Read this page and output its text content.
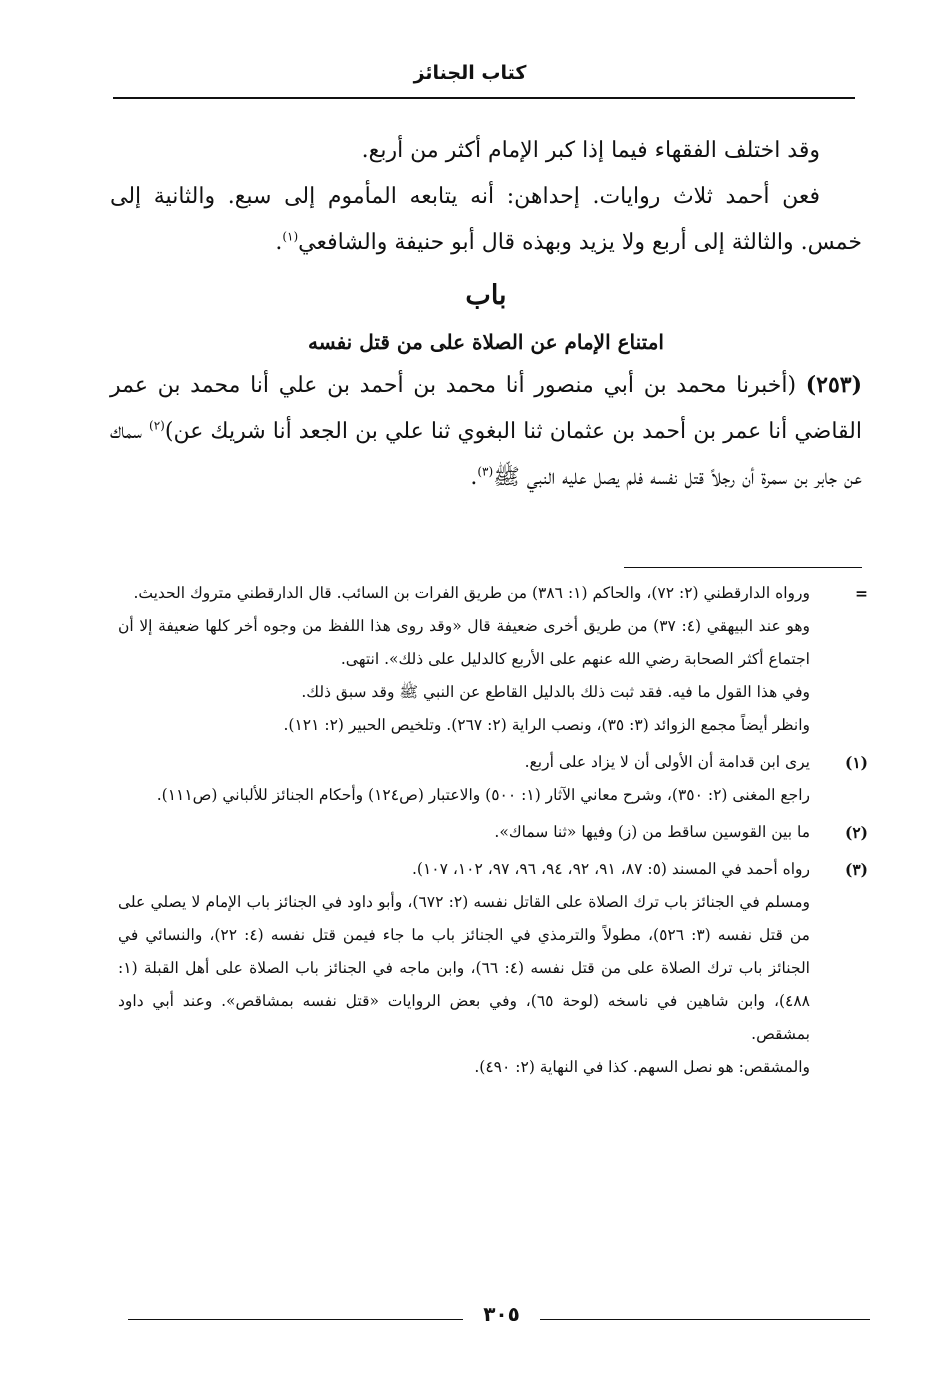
كتاب الجنائز

وقد اختلف الفقهاء فيما إذا كبر الإمام أكثر من أربع.

فعن أحمد ثلاث روايات. إحداهن: أنه يتابعه المأموم إلى سبع. والثانية إلى خمس. والثالثة إلى أربع ولا يزيد وبهذه قال أبو حنيفة والشافعي$^{(١)}$.

باب

امتناع الإمام عن الصلاة على من قتل نفسه

(٢٥٣) (أخبرنا محمد بن أبي منصور أنا محمد بن أحمد بن علي أنا محمد بن عمر القاضي أنا عمر بن أحمد بن عثمان ثنا البغوي ثنا علي بن الجعد أنا شريك عن)$^{(٢)}$ سماك عن جابر بن سمرة أن رجلاً قتل نفسه فلم يصل عليه النبي ﷺ$^{(٣)}$.

=

ورواه الدارقطني (٢: ٧٢)، والحاكم (١: ٣٨٦) من طريق الفرات بن السائب. قال الدارقطني متروك الحديث.

وهو عند البيهقي (٤: ٣٧) من طريق أخرى ضعيفة قال «وقد روى هذا اللفظ من وجوه أخر كلها ضعيفة إلا أن اجتماع أكثر الصحابة رضي الله عنهم على الأربع كالدليل على ذلك». انتهى.

وفي هذا القول ما فيه. فقد ثبت ذلك بالدليل القاطع عن النبي ﷺ وقد سبق ذلك.

وانظر أيضاً مجمع الزوائد (٣: ٣٥)، ونصب الراية (٢: ٢٦٧). وتلخيص الحبير (٢: ١٢١).

(١)

يرى ابن قدامة أن الأولى أن لا يزاد على أربع.

راجع المغنى (٢: ٣٥٠)، وشرح معاني الآثار (١: ٥٠٠) والاعتبار (ص١٢٤) وأحكام الجنائز للألباني (ص١١١).

(٢)

ما بين القوسين ساقط من (ز) وفيها «ثنا سماك».

(٣)

رواه أحمد في المسند (٥: ٨٧، ٩١، ٩٢، ٩٤، ٩٦، ٩٧، ١٠٢، ١٠٧).

ومسلم في الجنائز باب ترك الصلاة على القاتل نفسه (٢: ٦٧٢)، وأبو داود في الجنائز باب الإمام لا يصلي على من قتل نفسه (٣: ٥٢٦)، مطولاً والترمذي في الجنائز باب ما جاء فيمن قتل نفسه (٤: ٢٢)، والنسائي في الجنائز باب ترك الصلاة على من قتل نفسه (٤: ٦٦)، وابن ماجه في الجنائز باب الصلاة على أهل القبلة (١: ٤٨٨)، وابن شاهين في ناسخه (لوحة ٦٥)، وفي بعض الروايات «قتل نفسه بمشاقص». وعند أبي داود بمشقص.

والمشقص: هو نصل السهم. كذا في النهاية (٢: ٤٩٠).

٣٠٥
